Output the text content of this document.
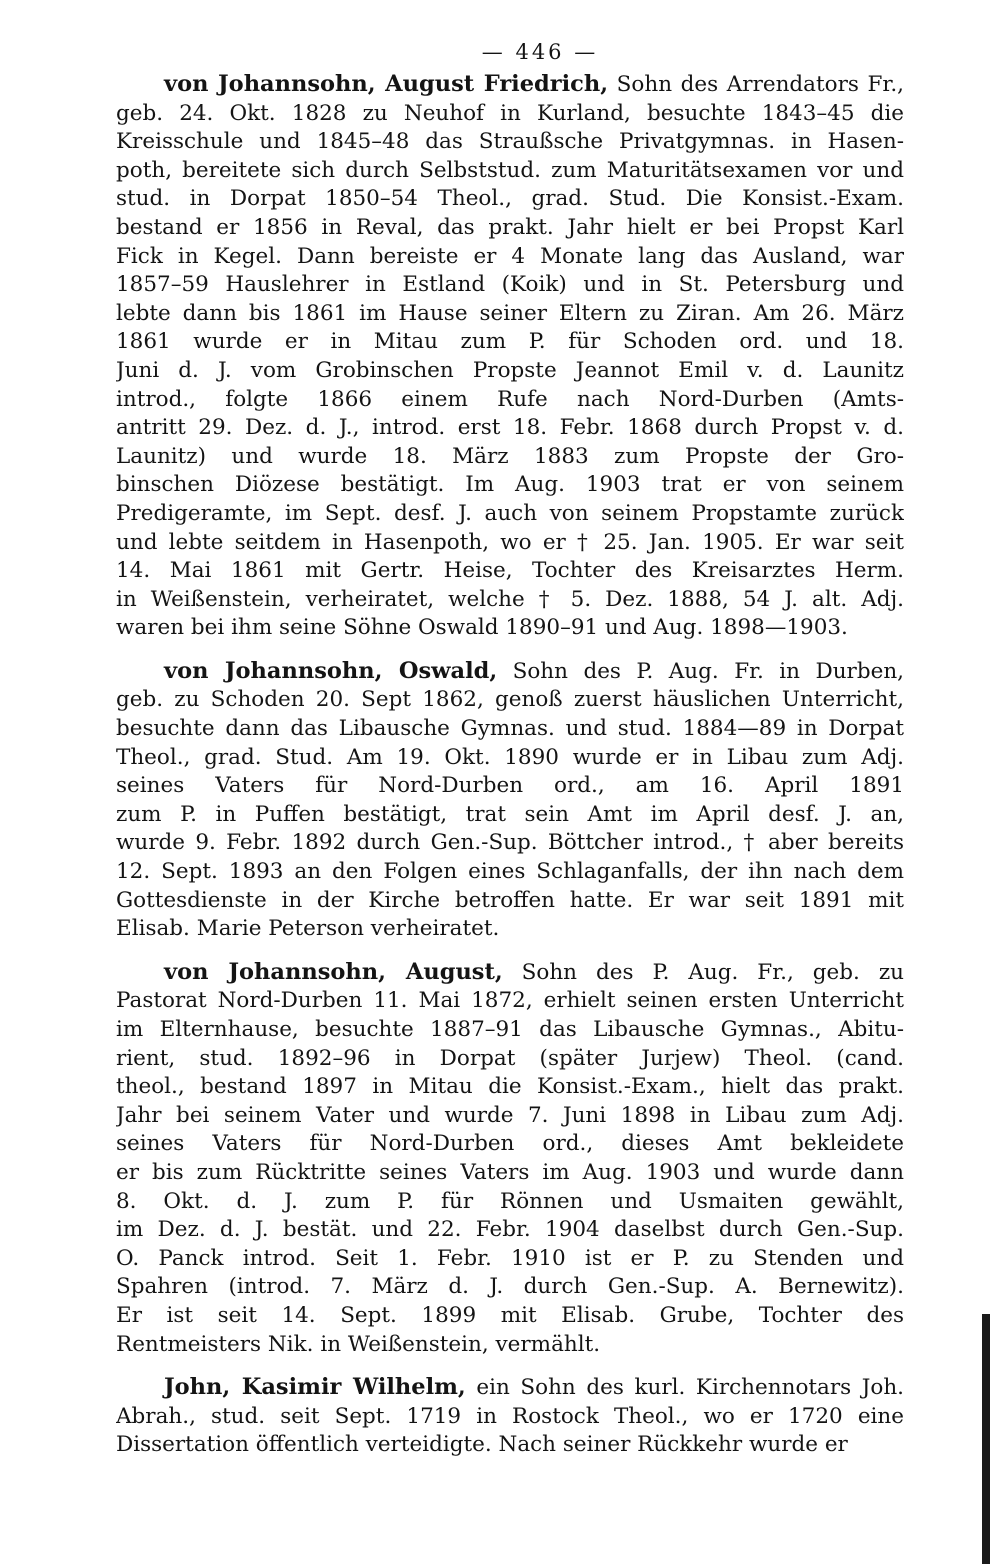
— 446 —
von Johannsohn, August Friedrich, Sohn des Arrendators Fr.,
geb. 24. Okt. 1828 zu Neuhof in Kurland, besuchte 1843–45 die
Kreisschule und 1845–48 das Straußsche Privatgymnas. in Hasen-
poth, bereitete sich durch Selbststud. zum Maturitätsexamen vor und
stud. in Dorpat 1850–54 Theol., grad. Stud. Die Konsist.-Exam.
bestand er 1856 in Reval, das prakt. Jahr hielt er bei Propst Karl
Fick in Kegel. Dann bereiste er 4 Monate lang das Ausland, war
1857–59 Hauslehrer in Estland (Koik) und in St. Petersburg und
lebte dann bis 1861 im Hause seiner Eltern zu Ziran. Am 26. März
1861 wurde er in Mitau zum P. für Schoden ord. und 18.
Juni d. J. vom Grobinschen Propste Jeannot Emil v. d. Launitz
introd., folgte 1866 einem Rufe nach Nord-Durben (Amts-
antritt 29. Dez. d. J., introd. erst 18. Febr. 1868 durch Propst v. d.
Launitz) und wurde 18. März 1883 zum Propste der Gro-
binschen Diözese bestätigt. Im Aug. 1903 trat er von seinem
Predigeramte, im Sept. desf. J. auch von seinem Propstamte zurück
und lebte seitdem in Hasenpoth, wo er † 25. Jan. 1905. Er war seit
14. Mai 1861 mit Gertr. Heise, Tochter des Kreisarztes Herm.
in Weißenstein, verheiratet, welche † 5. Dez. 1888, 54 J. alt. Adj.
waren bei ihm seine Söhne Oswald 1890–91 und Aug. 1898—1903.
von Johannsohn, Oswald, Sohn des P. Aug. Fr. in Durben,
geb. zu Schoden 20. Sept 1862, genoß zuerst häuslichen Unterricht,
besuchte dann das Libausche Gymnas. und stud. 1884—89 in Dorpat
Theol., grad. Stud. Am 19. Okt. 1890 wurde er in Libau zum Adj.
seines Vaters für Nord-Durben ord., am 16. April 1891
zum P. in Puffen bestätigt, trat sein Amt im April desf. J. an,
wurde 9. Febr. 1892 durch Gen.-Sup. Böttcher introd., † aber bereits
12. Sept. 1893 an den Folgen eines Schlaganfalls, der ihn nach dem
Gottesdienste in der Kirche betroffen hatte. Er war seit 1891 mit
Elisab. Marie Peterson verheiratet.
von Johannsohn, August, Sohn des P. Aug. Fr., geb. zu
Pastorat Nord-Durben 11. Mai 1872, erhielt seinen ersten Unterricht
im Elternhause, besuchte 1887–91 das Libausche Gymnas., Abitu-
rient, stud. 1892–96 in Dorpat (später Jurjew) Theol. (cand.
theol., bestand 1897 in Mitau die Konsist.-Exam., hielt das prakt.
Jahr bei seinem Vater und wurde 7. Juni 1898 in Libau zum Adj.
seines Vaters für Nord-Durben ord., dieses Amt bekleidete
er bis zum Rücktritte seines Vaters im Aug. 1903 und wurde dann
8. Okt. d. J. zum P. für Rönnen und Usmaiten gewählt,
im Dez. d. J. bestät. und 22. Febr. 1904 daselbst durch Gen.-Sup.
O. Panck introd. Seit 1. Febr. 1910 ist er P. zu Stenden und
Spahren (introd. 7. März d. J. durch Gen.-Sup. A. Bernewitz).
Er ist seit 14. Sept. 1899 mit Elisab. Grube, Tochter des
Rentmeisters Nik. in Weißenstein, vermählt.
John, Kasimir Wilhelm, ein Sohn des kurl. Kirchennotars Joh.
Abrah., stud. seit Sept. 1719 in Rostock Theol., wo er 1720 eine
Dissertation öffentlich verteidigte. Nach seiner Rückkehr wurde er
